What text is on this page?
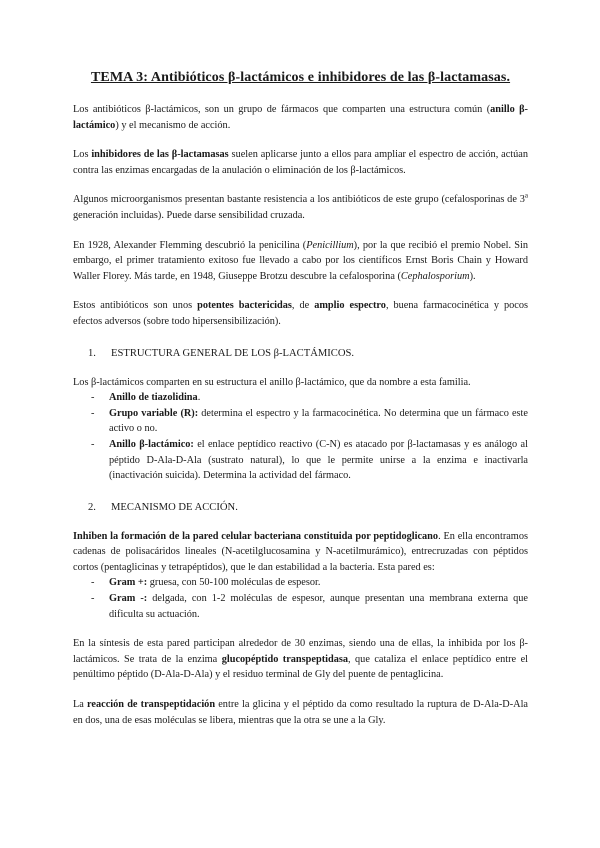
TEMA 3: Antibióticos β-lactámicos e inhibidores de las β-lactamasas.

Los antibióticos β-lactámicos, son un grupo de fármacos que comparten una estructura común (anillo β-lactámico) y el mecanismo de acción.

Los inhibidores de las β-lactamasas suelen aplicarse junto a ellos para ampliar el espectro de acción, actúan contra las enzimas encargadas de la anulación o eliminación de los β-lactámicos.

Algunos microorganismos presentan bastante resistencia a los antibióticos de este grupo (cefalosporinas de 3$^a$ generación incluidas). Puede darse sensibilidad cruzada.

En 1928, Alexander Flemming descubrió la penicilina (Penicillium), por la que recibió el premio Nobel. Sin embargo, el primer tratamiento exitoso fue llevado a cabo por los científicos Ernst Boris Chain y Howard Waller Florey. Más tarde, en 1948, Giuseppe Brotzu descubre la cefalosporina (Cephalosporium).

Estos antibióticos son unos potentes bactericidas, de amplio espectro, buena farmacocinética y pocos efectos adversos (sobre todo hipersensibilización).

1.	ESTRUCTURA GENERAL DE LOS β-LACTÁMICOS.

Los β-lactámicos comparten en su estructura el anillo β-lactámico, que da nombre a esta familia.

- Anillo de tiazolidina.
- Grupo variable (R): determina el espectro y la farmacocinética. No determina que un fármaco este activo o no.
- Anillo β-lactámico: el enlace peptídico reactivo (C-N) es atacado por β-lactamasas y es análogo al péptido D-Ala-D-Ala (sustrato natural), lo que le permite unirse a la enzima e inactivarla (inactivación suicida). Determina la actividad del fármaco.
2.	MECANISMO DE ACCIÓN.

Inhiben la formación de la pared celular bacteriana constituida por peptidoglicano. En ella encontramos cadenas de polisacáridos lineales (N-acetilglucosamina y N-acetilmurámico), entrecruzadas con péptidos cortos (pentaglicinas y tetrapéptidos), que le dan estabilidad a la bacteria. Esta pared es:

- Gram +: gruesa, con 50-100 moléculas de espesor.
- Gram -: delgada, con 1-2 moléculas de espesor, aunque presentan una membrana externa que dificulta su actuación.

En la síntesis de esta pared participan alrededor de 30 enzimas, siendo una de ellas, la inhibida por los β-lactámicos. Se trata de la enzima glucopéptido transpeptidasa, que cataliza el enlace peptídico entre el penúltimo péptido (D-Ala-D-Ala) y el residuo terminal de Gly del puente de pentaglicina.

La reacción de transpeptidación entre la glicina y el péptido da como resultado la ruptura de D-Ala-D-Ala en dos, una de esas moléculas se libera, mientras que la otra se une a la Gly.
